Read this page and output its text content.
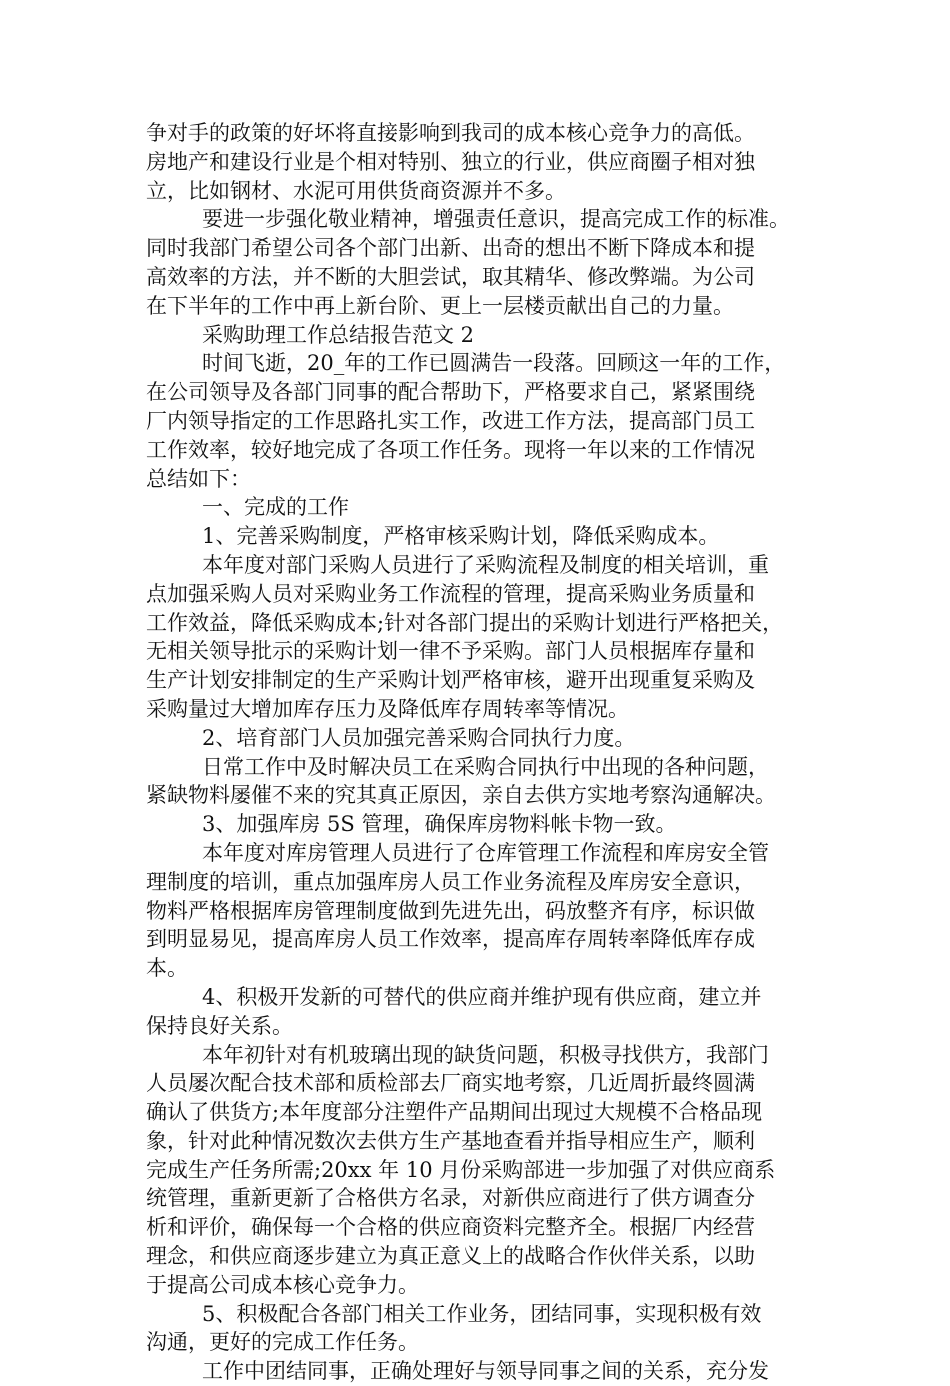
争对手的政策的好坏将直接影响到我司的成本核心竞争力的高低。
房地产和建设行业是个相对特别、独立的行业，供应商圈子相对独
立，比如钢材、水泥可用供货商资源并不多。
要进一步强化敬业精神，增强责任意识，提高完成工作的标准。
同时我部门希望公司各个部门出新、出奇的想出不断下降成本和提
高效率的方法，并不断的大胆尝试，取其精华、修改弊端。为公司
在下半年的工作中再上新台阶、更上一层楼贡献出自己的力量。
采购助理工作总结报告范文 2
时间飞逝，20_年的工作已圆满告一段落。回顾这一年的工作，
在公司领导及各部门同事的配合帮助下，严格要求自己，紧紧围绕
厂内领导指定的工作思路扎实工作，改进工作方法，提高部门员工
工作效率，较好地完成了各项工作任务。现将一年以来的工作情况
总结如下：
一、完成的工作
1、完善采购制度，严格审核采购计划，降低采购成本。
本年度对部门采购人员进行了采购流程及制度的相关培训，重
点加强采购人员对采购业务工作流程的管理，提高采购业务质量和
工作效益，降低采购成本;针对各部门提出的采购计划进行严格把关，
无相关领导批示的采购计划一律不予采购。部门人员根据库存量和
生产计划安排制定的生产采购计划严格审核，避开出现重复采购及
采购量过大增加库存压力及降低库存周转率等情况。
2、培育部门人员加强完善采购合同执行力度。
日常工作中及时解决员工在采购合同执行中出现的各种问题，
紧缺物料屡催不来的究其真正原因，亲自去供方实地考察沟通解决。
3、加强库房 5S 管理，确保库房物料帐卡物一致。
本年度对库房管理人员进行了仓库管理工作流程和库房安全管
理制度的培训，重点加强库房人员工作业务流程及库房安全意识，
物料严格根据库房管理制度做到先进先出，码放整齐有序，标识做
到明显易见，提高库房人员工作效率，提高库存周转率降低库存成
本。
4、积极开发新的可替代的供应商并维护现有供应商，建立并
保持良好关系。
本年初针对有机玻璃出现的缺货问题，积极寻找供方，我部门
人员屡次配合技术部和质检部去厂商实地考察，几近周折最终圆满
确认了供货方;本年度部分注塑件产品期间出现过大规模不合格品现
象，针对此种情况数次去供方生产基地查看并指导相应生产，顺利
完成生产任务所需;20xx 年 10 月份采购部进一步加强了对供应商系
统管理，重新更新了合格供方名录，对新供应商进行了供方调查分
析和评价，确保每一个合格的供应商资料完整齐全。根据厂内经营
理念，和供应商逐步建立为真正意义上的战略合作伙伴关系，以助
于提高公司成本核心竞争力。
5、积极配合各部门相关工作业务，团结同事，实现积极有效
沟通，更好的完成工作任务。
工作中团结同事，正确处理好与领导同事之间的关系，充分发
